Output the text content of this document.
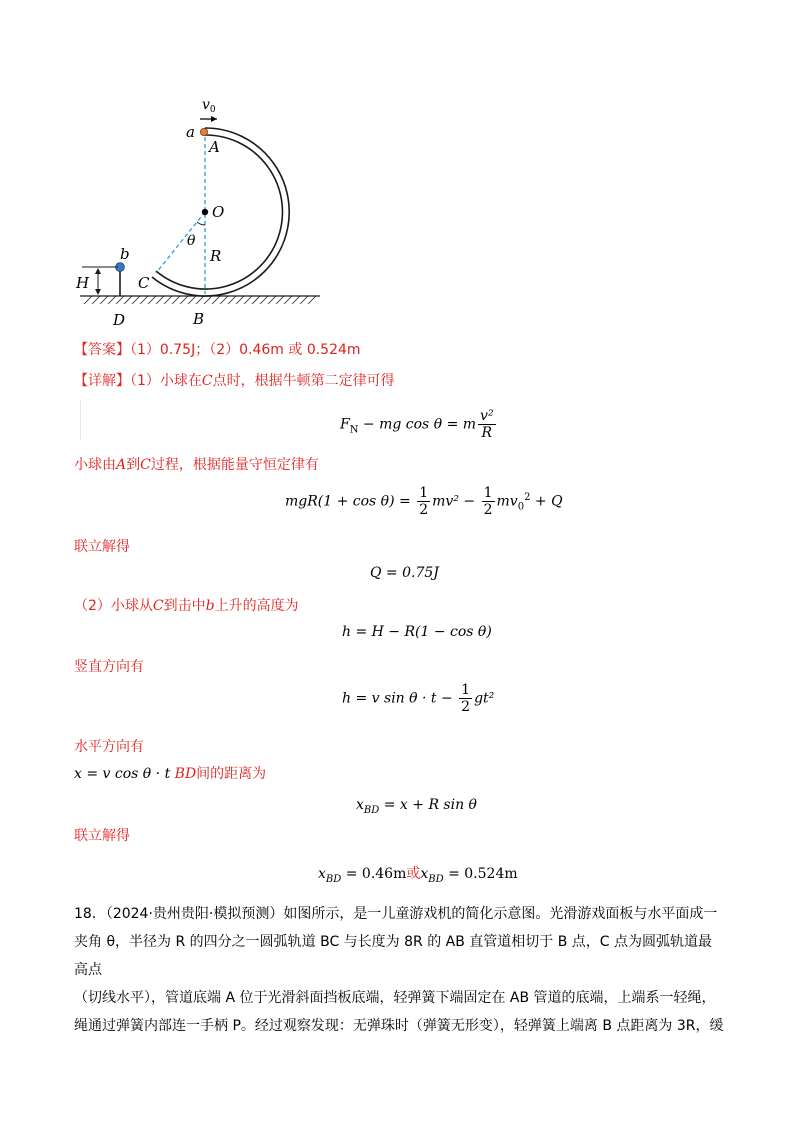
$v_0$
a
A
O
θ
R
b
H	C
D	B
【答案】（1）0.75J；（2）0.46m 或 0.524m
【详解】（1）小球在C点时，根据牛顿第二定律可得
$F_N$ − mg cos θ = m $\frac{\text{v²}}{R}$
小球由A到C过程，根据能量守恒定律有
$mgR(1 + \cos \theta) = \frac{1}{2} mv^2 - \frac{1}{2} mv_0^2 + Q$
联立解得
Q = 0.75J
（2）小球从C到击中b上升的高度为
h = H − R(1 − cos θ)
竖直方向有
h = v $\sin \theta \cdot t - \frac{1}{2} gt^2$
水平方向有
x = v cos θ · t BD间的距离为
$x_{BD} = x + R$ sin θ
联立解得
$x_{BD} = 0.46m$或$x_{BD} = 0.524m$
18．（2024·贵州贵阳·模拟预测）如图所示，是一儿童游戏机的简化示意图。光滑游戏面板与水平面成一
夹角 θ，半径为 R 的四分之一圆弧轨道 BC 与长度为 8R 的 AB 直管道相切于 B 点，C 点为圆弧轨道最高点
（切线水平），管道底端 A 位于光滑斜面挡板底端，轻弹簧下端固定在 AB 管道的底端，上端系一轻绳，
绳通过弹簧内部连一手柄 P。经过观察发现：无弹珠时（弹簧无形变），轻弹簧上端离 B 点距离为 3R，缓
